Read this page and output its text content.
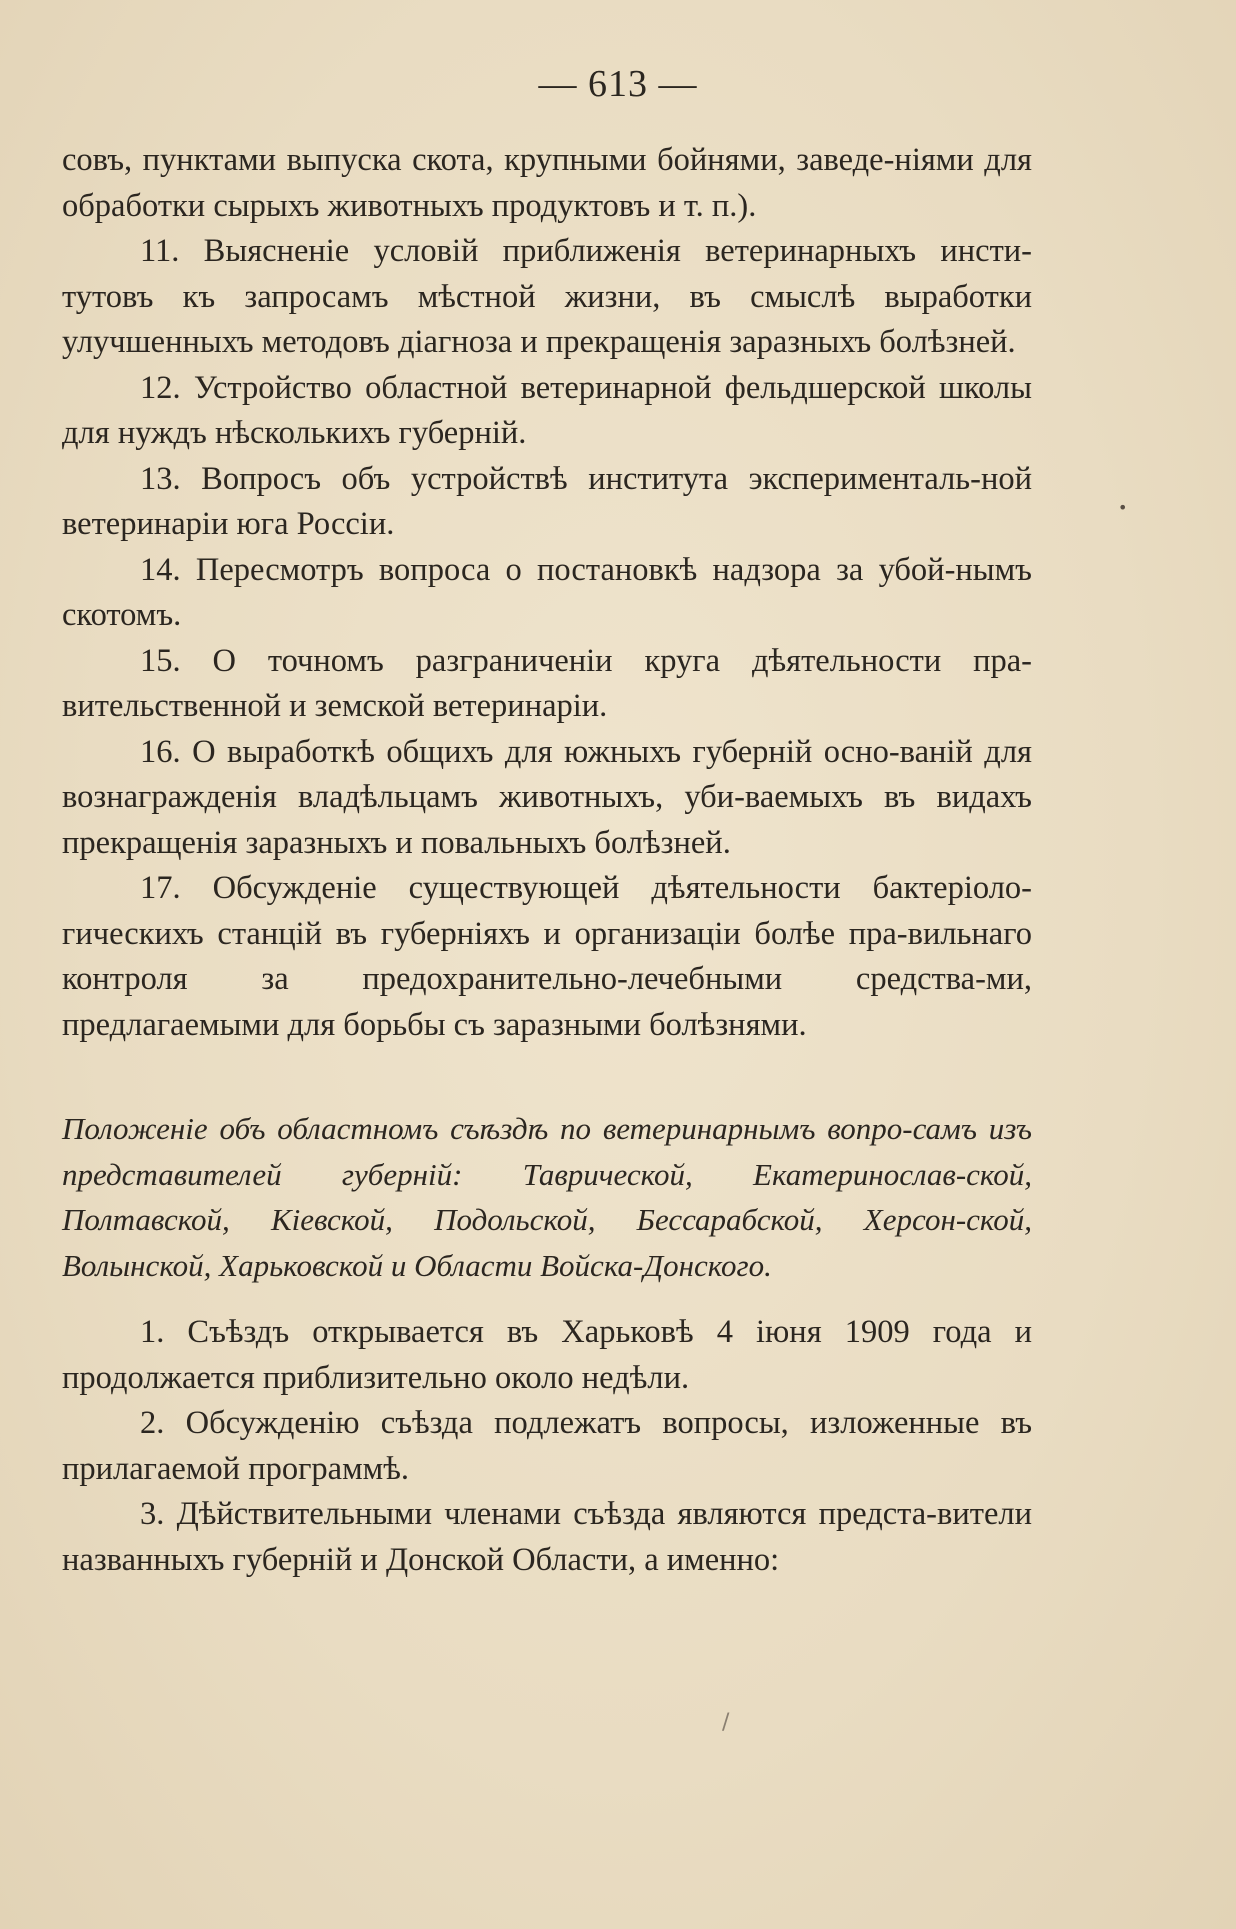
— 613 —

совъ, пунктами выпуска скота, крупными бойнями, заведе-ніями для обработки сырыхъ животныхъ продуктовъ и т. п.).

11. Выясненіе условій приближенія ветеринарныхъ инсти-тутовъ къ запросамъ мѣстной жизни, въ смыслѣ выработки улучшенныхъ методовъ діагноза и прекращенія заразныхъ болѣзней.

12. Устройство областной ветеринарной фельдшерской школы для нуждъ нѣсколькихъ губерній.

13. Вопросъ объ устройствѣ института эксперименталь-ной ветеринаріи юга Россіи.

14. Пересмотръ вопроса о постановкѣ надзора за убой-нымъ скотомъ.

15. О точномъ разграниченіи круга дѣятельности пра-вительственной и земской ветеринаріи.

16. О выработкѣ общихъ для южныхъ губерній осно-ваній для вознагражденія владѣльцамъ животныхъ, уби-ваемыхъ въ видахъ прекращенія заразныхъ и повальныхъ болѣзней.

17. Обсужденіе существующей дѣятельности бактеріоло-гическихъ станцій въ губерніяхъ и организаціи болѣе пра-вильнаго контроля за предохранительно-лечебными средства-ми, предлагаемыми для борьбы съ заразными болѣзнями.

Положеніе объ областномъ съѣздѣ по ветеринарнымъ вопро-самъ изъ представителей губерній: Таврической, Екатеринослав-ской, Полтавской, Кіевской, Подольской, Бессарабской, Херсон-ской, Волынской, Харьковской и Области Войска-Донского.

1. Съѣздъ открывается въ Харьковѣ 4 іюня 1909 года и продолжается приблизительно около недѣли.

2. Обсужденію съѣзда подлежатъ вопросы, изложенные въ прилагаемой программѣ.

3. Дѣйствительными членами съѣзда являются предста-вители названныхъ губерній и Донской Области, а именно:

•
/
